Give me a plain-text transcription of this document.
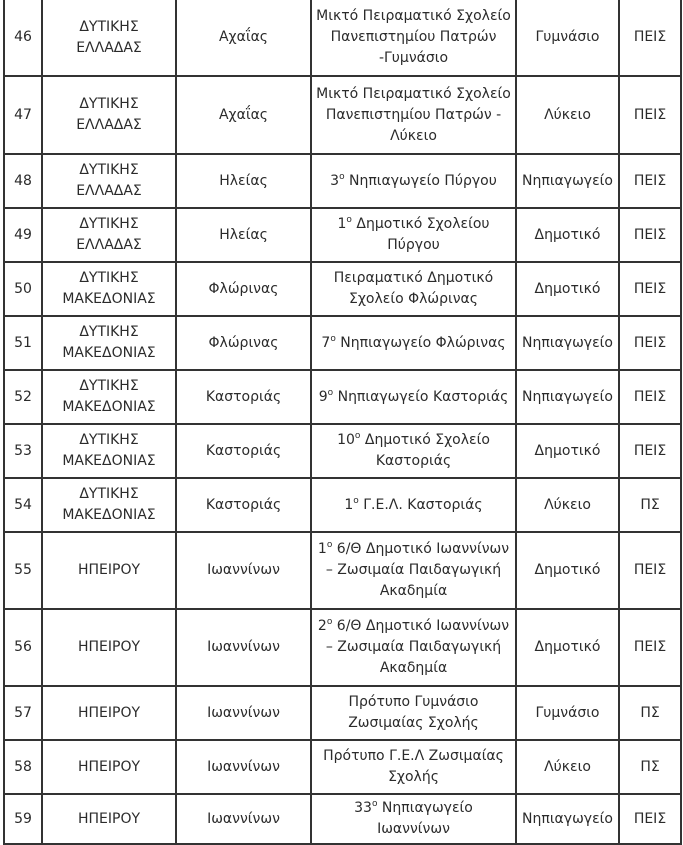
46	ΔΥΤΙΚΗΣ
ΕΛΛΑΔΑΣ	Αχαΐας	Μικτό Πειραματικό Σχολείο
Πανεπιστημίου Πατρών
-Γυμνάσιο	Γυμνάσιο	ΠΕΙΣ
47	ΔΥΤΙΚΗΣ
ΕΛΛΑΔΑΣ	Αχαΐας	Μικτό Πειραματικό Σχολείο
Πανεπιστημίου Πατρών -
Λύκειο	Λύκειο	ΠΕΙΣ
48	ΔΥΤΙΚΗΣ
ΕΛΛΑΔΑΣ	Ηλείας	$3^o$ Νηπιαγωγείο Πύργου	Νηπιαγωγείο	ΠΕΙΣ
49	ΔΥΤΙΚΗΣ
ΕΛΛΑΔΑΣ	Ηλείας	$1^o$ Δημοτικό Σχολείου
Πύργου	Δημοτικό	ΠΕΙΣ
50	ΔΥΤΙΚΗΣ
ΜΑΚΕΔΟΝΙΑΣ	Φλώρινας	Πειραματικό Δημοτικό
Σχολείο Φλώρινας	Δημοτικό	ΠΕΙΣ
51	ΔΥΤΙΚΗΣ
ΜΑΚΕΔΟΝΙΑΣ	Φλώρινας	$7^o$ Νηπιαγωγείο Φλώρινας	Νηπιαγωγείο	ΠΕΙΣ
52	ΔΥΤΙΚΗΣ
ΜΑΚΕΔΟΝΙΑΣ	Καστοριάς	$9^o$ Νηπιαγωγείο Καστοριάς	Νηπιαγωγείο	ΠΕΙΣ
53	ΔΥΤΙΚΗΣ
ΜΑΚΕΔΟΝΙΑΣ	Καστοριάς	$10^o$ Δημοτικό Σχολείο
Καστοριάς	Δημοτικό	ΠΕΙΣ
54	ΔΥΤΙΚΗΣ
ΜΑΚΕΔΟΝΙΑΣ	Καστοριάς	$1^o$ Γ.Ε.Λ. Καστοριάς	Λύκειο	ΠΣ
55	ΗΠΕΙΡΟΥ	Ιωαννίνων	$1^o$ 6/Θ Δημοτικό Ιωαννίνων
– Ζωσιμαία Παιδαγωγική
Ακαδημία	Δημοτικό	ΠΕΙΣ
56	ΗΠΕΙΡΟΥ	Ιωαννίνων	$2^o$ 6/Θ Δημοτικό Ιωαννίνων
– Ζωσιμαία Παιδαγωγική
Ακαδημία	Δημοτικό	ΠΕΙΣ
57	ΗΠΕΙΡΟΥ	Ιωαννίνων	Πρότυπο Γυμνάσιο
Ζωσιμαίας Σχολής	Γυμνάσιο	ΠΣ
58	ΗΠΕΙΡΟΥ	Ιωαννίνων	Πρότυπο Γ.Ε.Λ Ζωσιμαίας
Σχολής	Λύκειο	ΠΣ
59	ΗΠΕΙΡΟΥ	Ιωαννίνων	$33^o$ Νηπιαγωγείο Ιωαννίνων	Νηπιαγωγείο	ΠΕΙΣ
